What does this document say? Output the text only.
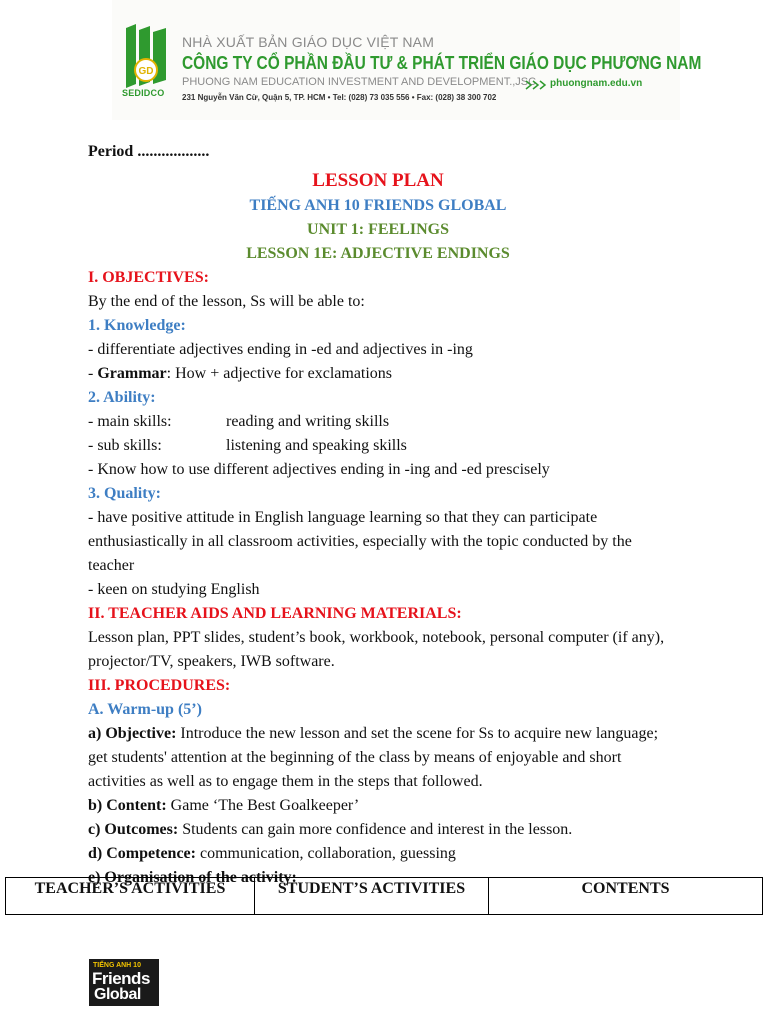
GD
SEDIDCO
NHÀ XUẤT BẢN GIÁO DỤC VIỆT NAM
CÔNG TY CỔ PHẦN ĐẦU TƯ & PHÁT TRIỂN GIÁO DỤC PHƯƠNG NAM
PHUONG NAM EDUCATION INVESTMENT AND DEVELOPMENT.,JSC
231 Nguyễn Văn Cừ, Quận 5, TP. HCM • Tel: (028) 73 035 556 • Fax: (028) 38 300 702
phuongnam.edu.vn

Period ..................

LESSON PLAN

TIẾNG ANH 10 FRIENDS GLOBAL

UNIT 1: FEELINGS

LESSON 1E: ADJECTIVE ENDINGS

I. OBJECTIVES:

By the end of the lesson, Ss will be able to:

1. Knowledge:

- differentiate adjectives ending in -ed and adjectives in -ing

- Grammar: How + adjective for exclamations

2. Ability:

- main skills:	reading and writing skills

- sub skills:	listening and speaking skills

- Know how to use different adjectives ending in -ing and -ed prescisely

3. Quality:

- have positive attitude in English language learning so that they can participate enthusiastically in all classroom activities, especially with the topic conducted by the teacher

- keen on studying English

II. TEACHER AIDS AND LEARNING MATERIALS:

Lesson plan, PPT slides, student’s book, workbook, notebook, personal computer (if any), projector/TV, speakers, IWB software.

III. PROCEDURES:

A. Warm-up (5’)

a) Objective: Introduce the new lesson and set the scene for Ss to acquire new language; get students' attention at the beginning of the class by means of enjoyable and short activities as well as to engage them in the steps that followed.

b) Content: Game ‘The Best Goalkeeper’

c) Outcomes: Students can gain more confidence and interest in the lesson.

d) Competence: communication, collaboration, guessing

e) Organisation of the activity:

TEACHER’S ACTIVITIES	STUDENT’S ACTIVITIES	CONTENTS
TIẾNG ANH 10
Friends
Global
